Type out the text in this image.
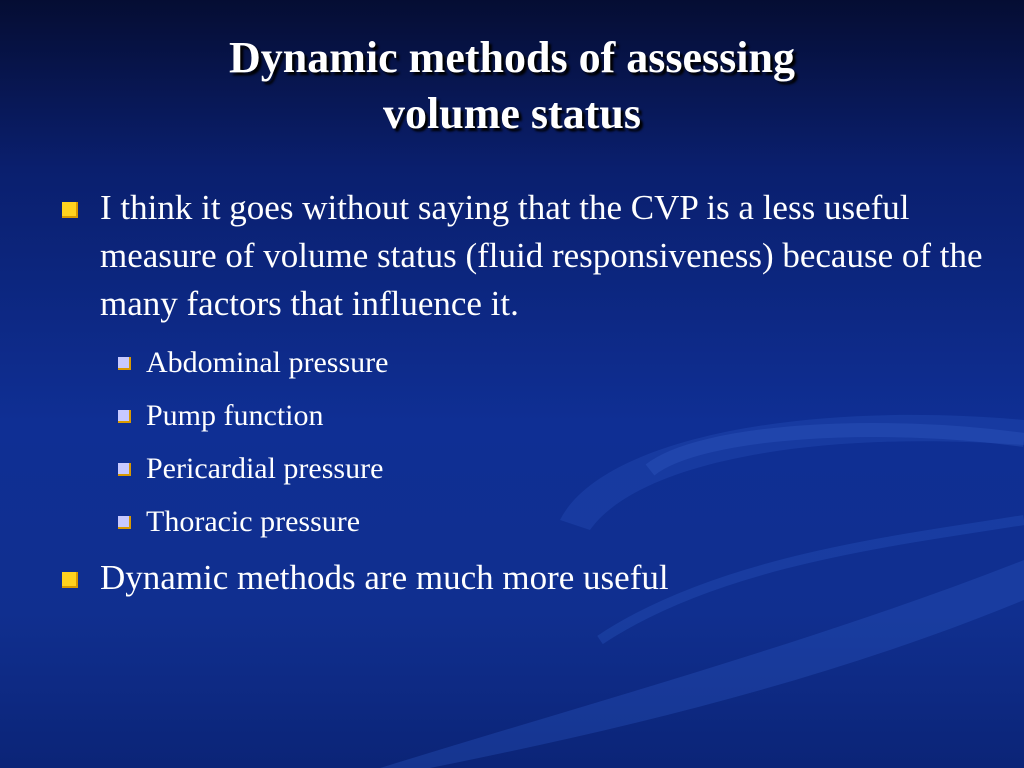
Dynamic methods of assessing
volume status
I think it goes without saying that the CVP is a less useful measure of volume status (fluid responsiveness) because of the many factors that influence it.
Abdominal pressure
Pump function
Pericardial pressure
Thoracic pressure
Dynamic methods are much more useful
